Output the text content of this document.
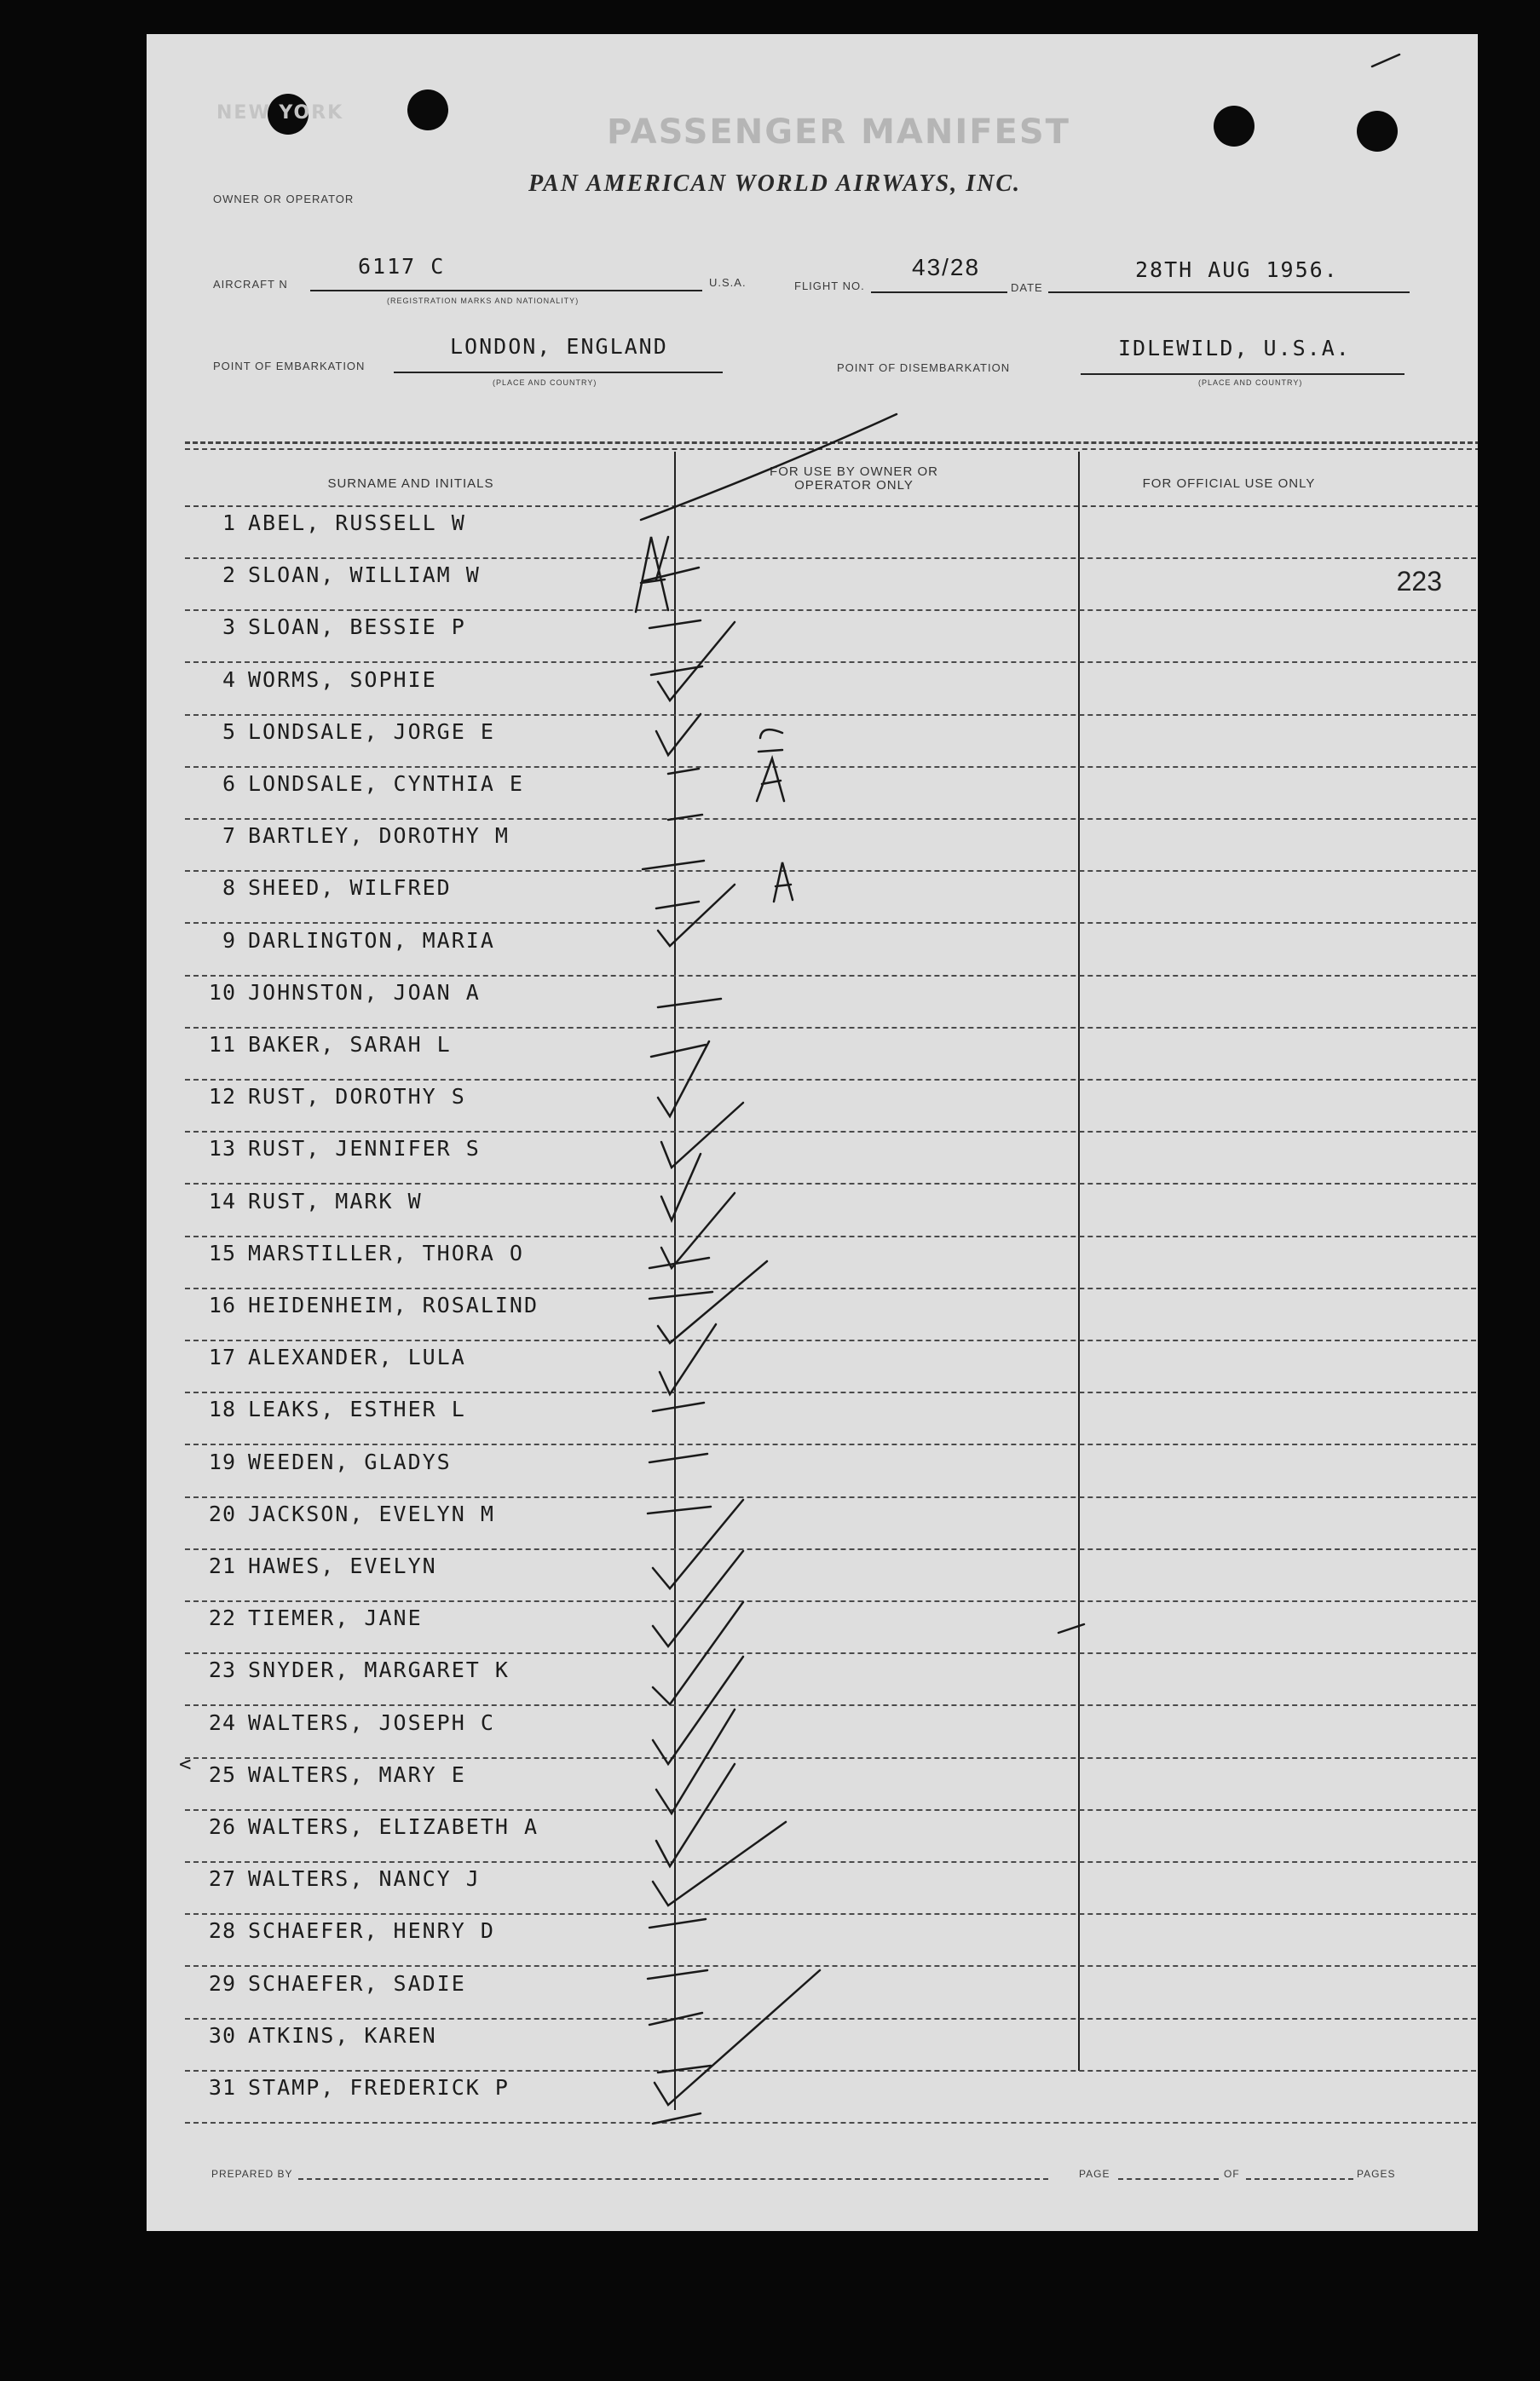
NEW YORK	PASSENGER MANIFEST
OWNER OR OPERATOR
PAN AMERICAN WORLD AIRWAYS, INC.
AIRCRAFT N
6117 C
(REGISTRATION MARKS AND NATIONALITY)
U.S.A.	FLIGHT NO.
43/28
DATE
28TH AUG 1956.
POINT OF EMBARKATION
LONDON, ENGLAND
(PLACE AND COUNTRY)
POINT OF DISEMBARKATION
IDLEWILD, U.S.A.
(PLACE AND COUNTRY)
SURNAME AND INITIALS
FOR USE BY OWNER OR OPERATOR ONLY	FOR OFFICIAL USE ONLY
1 ABEL, RUSSELL W
2 SLOAN, WILLIAM W	223
3 SLOAN, BESSIE P
4 WORMS, SOPHIE
5 LONDSALE, JORGE E
6 LONDSALE, CYNTHIA E
7 BARTLEY, DOROTHY M
8 SHEED, WILFRED
9 DARLINGTON, MARIA
10 JOHNSTON, JOAN A
11 BAKER, SARAH L
12 RUST, DOROTHY S
13 RUST, JENNIFER S
14 RUST, MARK W
15 MARSTILLER, THORA O
16 HEIDENHEIM, ROSALIND
17 ALEXANDER, LULA
18 LEAKS, ESTHER L
19 WEEDEN, GLADYS
20 JACKSON, EVELYN M
21 HAWES, EVELYN
22 TIEMER, JANE
23 SNYDER, MARGARET K
24 WALTERS, JOSEPH C
25 WALTERS, MARY E
26 WALTERS, ELIZABETH A
27 WALTERS, NANCY J
28 SCHAEFER, HENRY D
29 SCHAEFER, SADIE
30 ATKINS, KAREN
31 STAMP, FREDERICK P
PREPARED BY	PAGE	OF	PAGES
<
